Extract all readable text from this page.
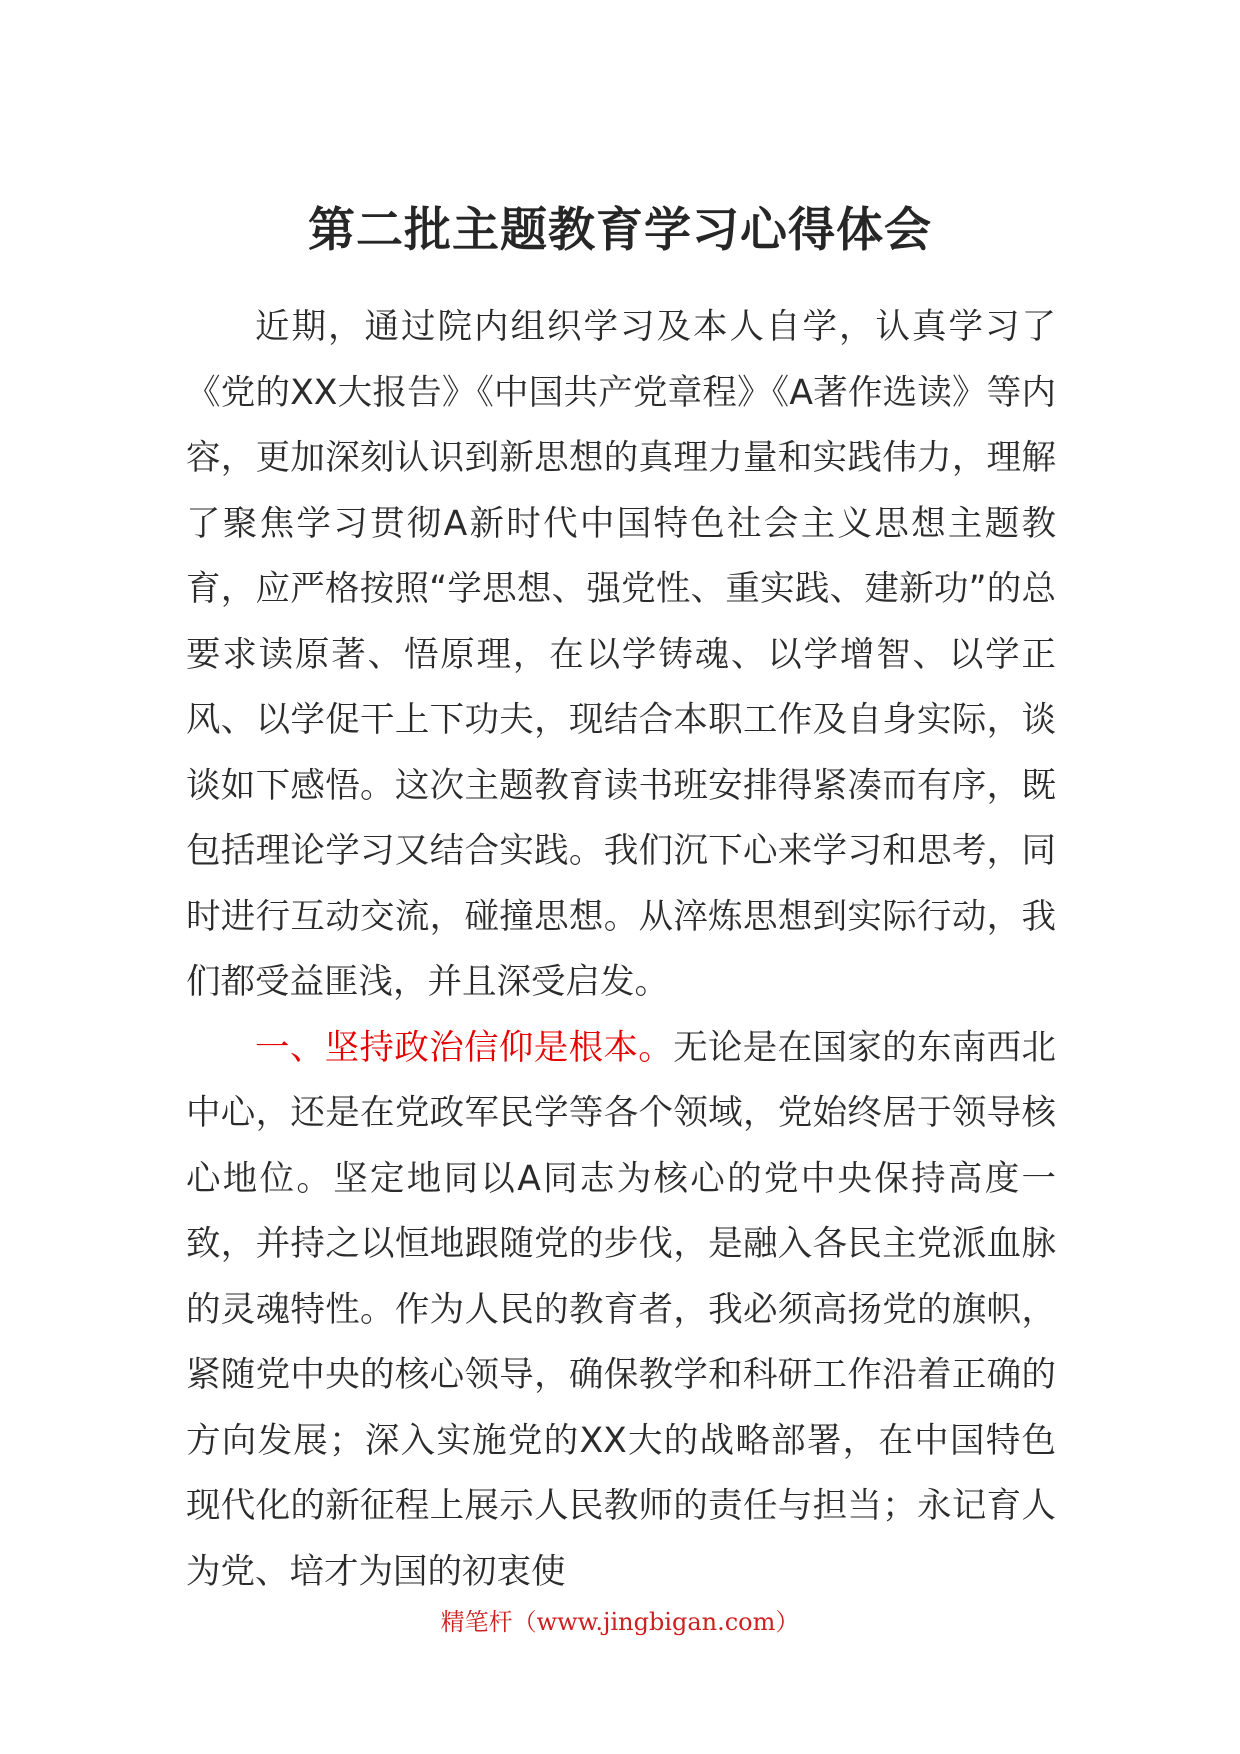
第二批主题教育学习心得体会

近期，通过院内组织学习及本人自学，认真学习了《党的XX大报告》《中国共产党章程》《A著作选读》等内容，更加深刻认识到新思想的真理力量和实践伟力，理解了聚焦学习贯彻A新时代中国特色社会主义思想主题教育，应严格按照“学思想、强党性、重实践、建新功”的总要求读原著、悟原理，在以学铸魂、以学增智、以学正风、以学促干上下功夫，现结合本职工作及自身实际，谈谈如下感悟。这次主题教育读书班安排得紧凑而有序，既包括理论学习又结合实践。我们沉下心来学习和思考，同时进行互动交流，碰撞思想。从淬炼思想到实际行动，我们都受益匪浅，并且深受启发。

一、坚持政治信仰是根本。无论是在国家的东南西北中心，还是在党政军民学等各个领域，党始终居于领导核心地位。坚定地同以A同志为核心的党中央保持高度一致，并持之以恒地跟随党的步伐，是融入各民主党派血脉的灵魂特性。作为人民的教育者，我必须高扬党的旗帜，紧随党中央的核心领导，确保教学和科研工作沿着正确的方向发展；深入实施党的XX大的战略部署，在中国特色现代化的新征程上展示人民教师的责任与担当；永记育人为党、培才为国的初衷使

精笔杆（www.jingbigan.com）
